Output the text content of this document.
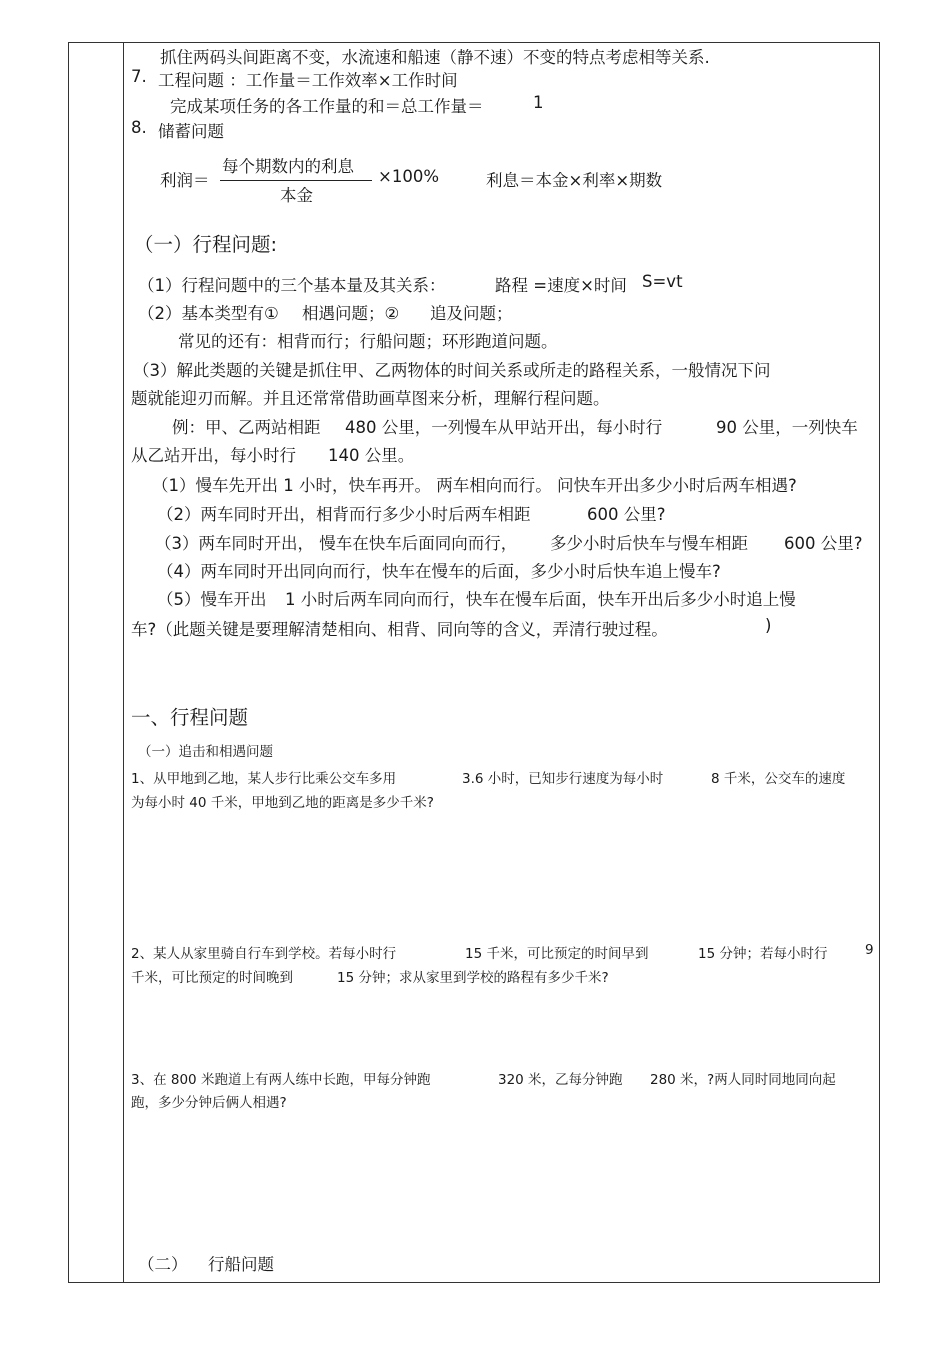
抓住两码头间距离不变，水流速和船速（静不速）不变的特点考虑相等关系.
7. 工程问题 ：工作量＝工作效率×工作时间
完成某项任务的各工作量的和＝总工作量＝	1
8. 储蓄问题
利润＝
每个期数内的利息
本金
×100%	利息＝本金×利率×期数
（一）行程问题:
（1）行程问题中的三个基本量及其关系：	路程 =速度×时间 S=vt
（2）基本类型有① 相遇问题；② 追及问题；
常见的还有：相背而行；行船问题；环形跑道问题。
（3）解此类题的关键是抓住甲、乙两物体的时间关系或所走的路程关系，一般情况下问
题就能迎刃而解。并且还常常借助画草图来分析，理解行程问题。
例：甲、乙两站相距 480 公里，一列慢车从甲站开出，每小时行	90 公里，一列快车
从乙站开出，每小时行 140 公里。
（1）慢车先开出 1 小时，快车再开。 两车相向而行。 问快车开出多少小时后两车相遇?
（2）两车同时开出，相背而行多少小时后两车相距	600 公里?
（3）两车同时开出， 慢车在快车后面同向而行， 多少小时后快车与慢车相距 600 公里?
（4）两车同时开出同向而行，快车在慢车的后面，多少小时后快车追上慢车?
（5）慢车开出 1 小时后两车同向而行，快车在慢车后面，快车开出后多少小时追上慢
车?（此题关键是要理解清楚相向、相背、同向等的含义，弄清行驶过程。	)
一、行程问题
（一）追击和相遇问题
1、从甲地到乙地，某人步行比乘公交车多用	3.6 小时，已知步行速度为每小时	8 千米，公交车的速度
为每小时 40 千米，甲地到乙地的距离是多少千米?
2、某人从家里骑自行车到学校。若每小时行	15 千米，可比预定的时间早到	15 分钟；若每小时行	9
千米，可比预定的时间晚到	15 分钟；求从家里到学校的路程有多少千米?
3、在 800 米跑道上有两人练中长跑，甲每分钟跑	320 米，乙每分钟跑 280 米，?两人同时同地同向起
跑，多少分钟后俩人相遇?
（二） 行船问题
